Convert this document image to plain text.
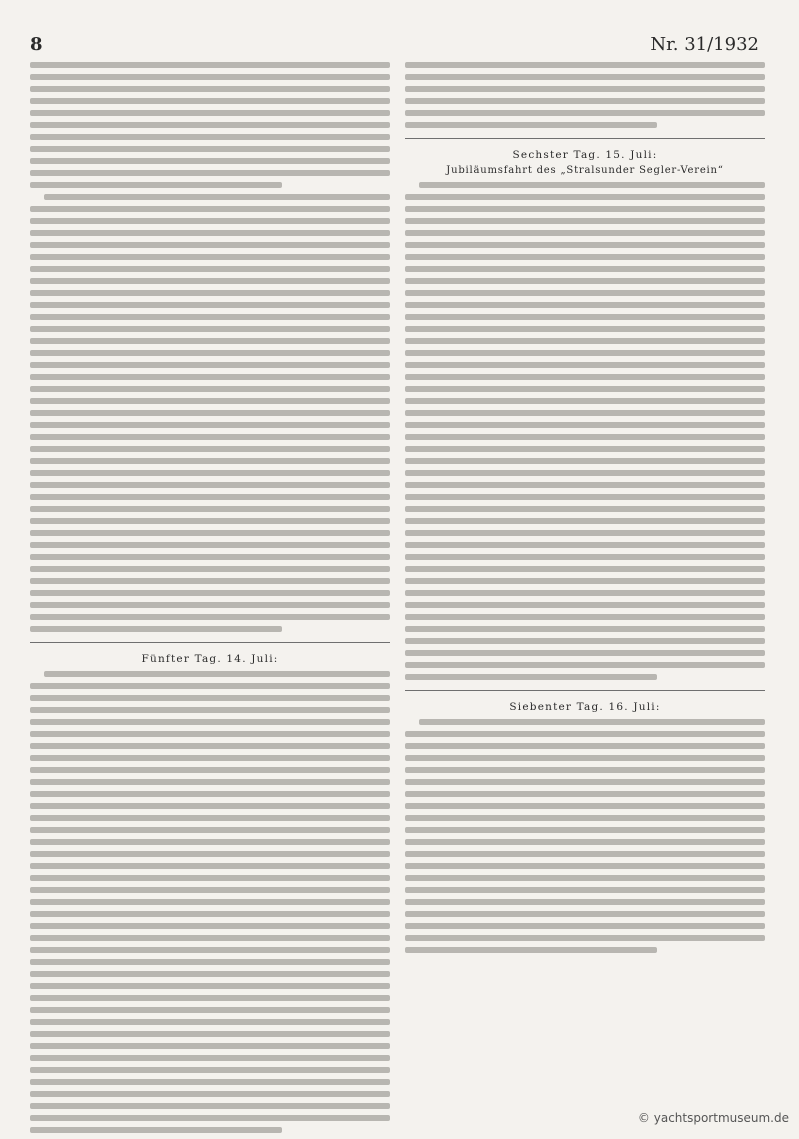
8	Nr. 31/1932
Fünfter Tag. 14. Juli:
Sechster Tag. 15. Juli:
Jubiläumsfahrt des „Stralsunder Segler-Verein“
Siebenter Tag. 16. Juli:
© yachtsportmuseum.de
